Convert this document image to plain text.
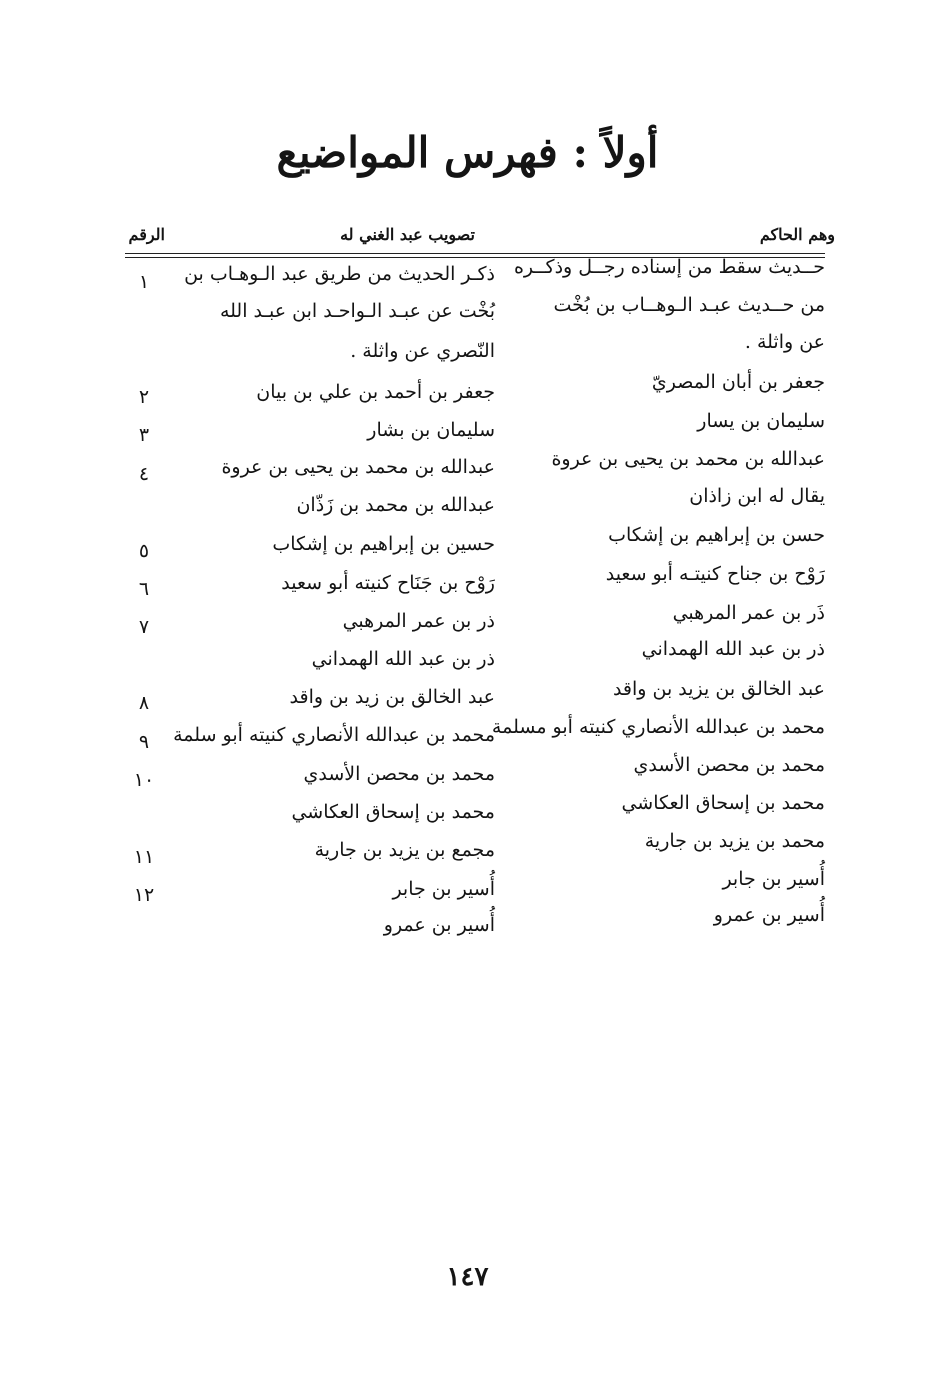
أولاً : فهرس المواضيع
وهم الحاكم
تصويب عبد الغني له
الرقم
حــديث سقط من إسناده رجــل وذكــره
من حــديث عبـد الـوهــاب بن بُخْت
عن واثلة .
جعفر بن أبان المصريّ
سليمان بن يسار
عبدالله بن محمد بن يحيى بن عروة
يقال له ابن زاذان
حسن بن إبراهيم بن إشكاب
رَوْح بن جناح كنيتـه أبو سعيد
ذَر بن عمر المرهبي
ذر بن عبد الله الهمداني
عبد الخالق بن يزيد بن واقد
محمد بن عبدالله الأنصاري كنيته أبو مسلمة
محمد بن محصن الأسدي
محمد بن إسحاق العكاشي
محمد بن يزيد بن جارية
أُسير بن جابر
أُسير بن عمرو
ذكـر الحديث من طريق عبد الـوهـاب بن
بُخْت عن عبـد الـواحـد ابن عبـد الله
النّصري عن واثلة .
جعفر بن أحمد بن علي بن بيان
سليمان بن بشار
عبدالله بن محمد بن يحيى بن عروة
عبدالله بن محمد بن زَذّان
حسين بن إبراهيم بن إشكاب
رَوْح بن جَنَاح كنيته أبو سعيد
ذر بن عمر المرهبي
ذر بن عبد الله الهمداني
عبد الخالق بن زيد بن واقد
محمد بن عبدالله الأنصاري كنيته أبو سلمة
محمد بن محصن الأسدي
محمد بن إسحاق العكاشي
مجمع بن يزيد بن جارية
أُسير بن جابر
أُسير بن عمرو
١
٢
٣
٤
٥
٦
٧
٨
٩
١٠
١١
١٢
١٤٧
